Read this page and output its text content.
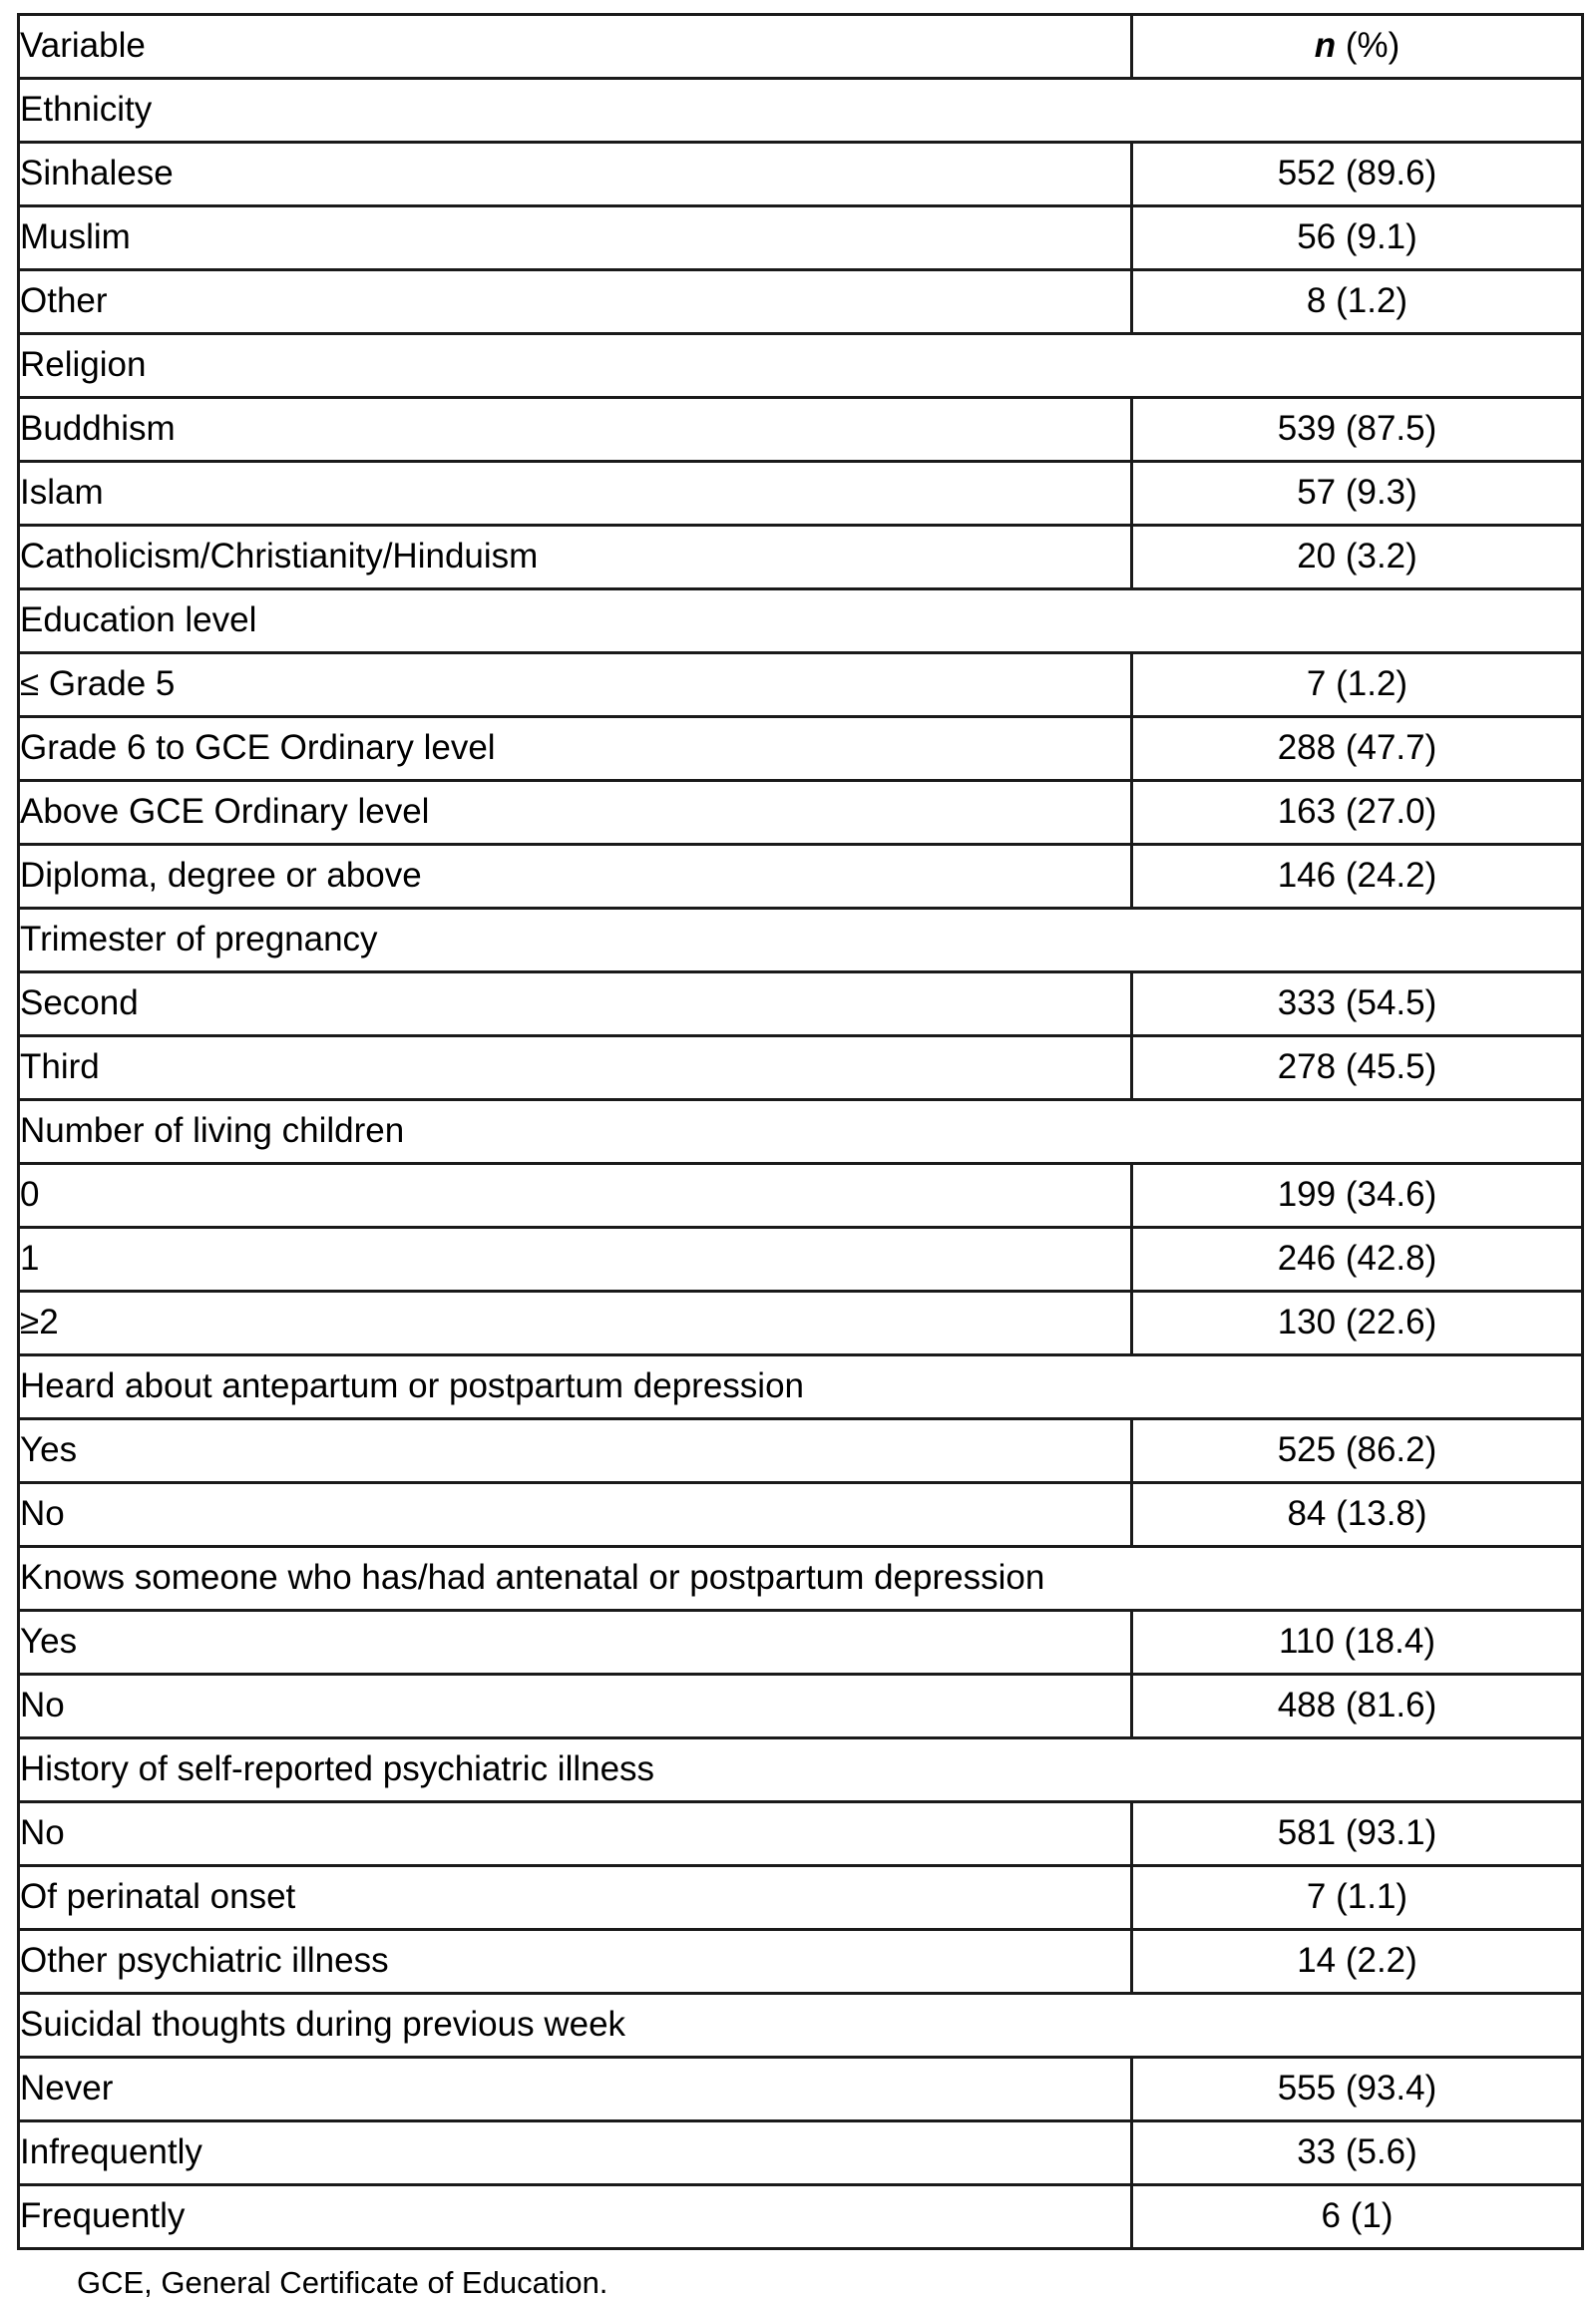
Variable	n (%)
Ethnicity	
Sinhalese	552 (89.6)
Muslim	56 (9.1)
Other	8 (1.2)
Religion	
Buddhism	539 (87.5)
Islam	57 (9.3)
Catholicism/Christianity/Hinduism	20 (3.2)
Education level	
≤ Grade 5	7 (1.2)
Grade 6 to GCE Ordinary level	288 (47.7)
Above GCE Ordinary level	163 (27.0)
Diploma, degree or above	146 (24.2)
Trimester of pregnancy	
Second	333 (54.5)
Third	278 (45.5)
Number of living children	
0	199 (34.6)
1	246 (42.8)
≥2	130 (22.6)
Heard about antepartum or postpartum depression	
Yes	525 (86.2)
No	84 (13.8)
Knows someone who has/had antenatal or postpartum depression	
Yes	110 (18.4)
No	488 (81.6)
History of self-reported psychiatric illness	
No	581 (93.1)
Of perinatal onset	7 (1.1)
Other psychiatric illness	14 (2.2)
Suicidal thoughts during previous week	
Never	555 (93.4)
Infrequently	33 (5.6)
Frequently	6 (1)
GCE, General Certificate of Education.
